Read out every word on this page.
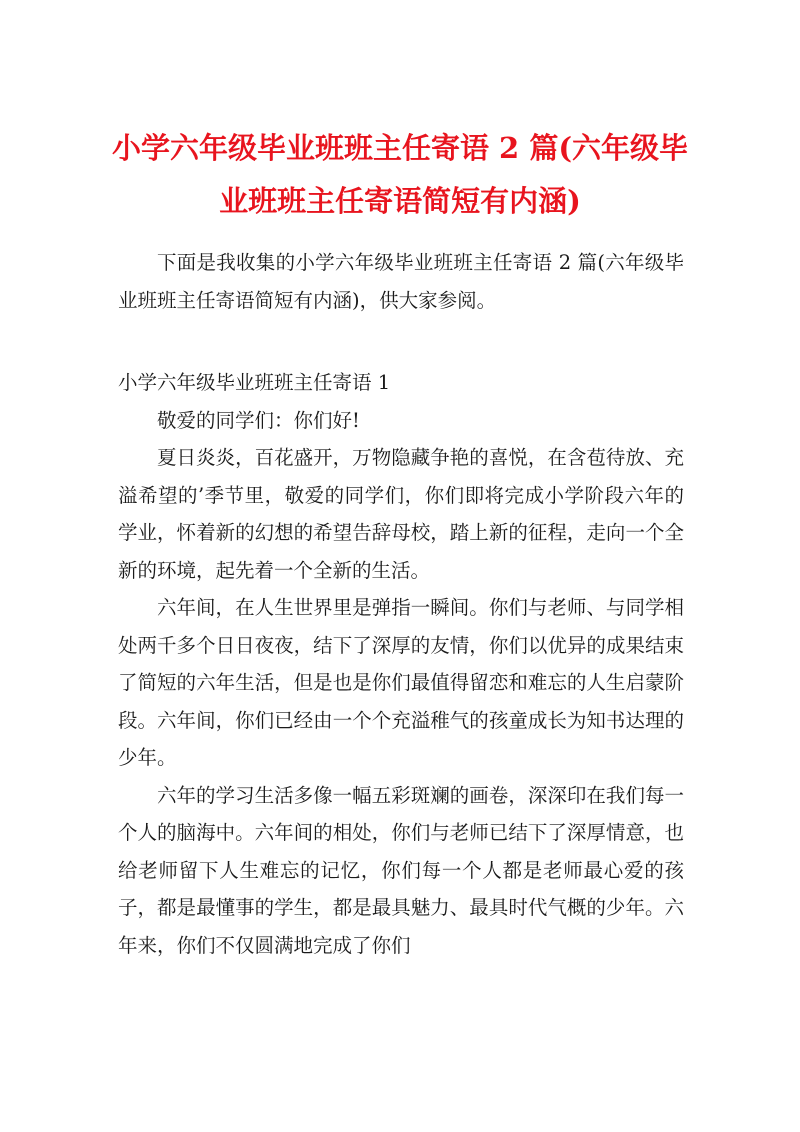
小学六年级毕业班班主任寄语 2 篇(六年级毕业班班主任寄语简短有内涵)

下面是我收集的小学六年级毕业班班主任寄语 2 篇(六年级毕业班班主任寄语简短有内涵)，供大家参阅。

小学六年级毕业班班主任寄语 1

敬爱的同学们：你们好!

夏日炎炎，百花盛开，万物隐藏争艳的喜悦，在含苞待放、充溢希望的’季节里，敬爱的同学们，你们即将完成小学阶段六年的学业，怀着新的幻想的希望告辞母校，踏上新的征程，走向一个全新的环境，起先着一个全新的生活。

六年间，在人生世界里是弹指一瞬间。你们与老师、与同学相处两千多个日日夜夜，结下了深厚的友情，你们以优异的成果结束了简短的六年生活，但是也是你们最值得留恋和难忘的人生启蒙阶段。六年间，你们已经由一个个充溢稚气的孩童成长为知书达理的少年。

六年的学习生活多像一幅五彩斑斓的画卷，深深印在我们每一个人的脑海中。六年间的相处，你们与老师已结下了深厚情意，也给老师留下人生难忘的记忆，你们每一个人都是老师最心爱的孩子，都是最懂事的学生，都是最具魅力、最具时代气概的少年。六年来，你们不仅圆满地完成了你们
